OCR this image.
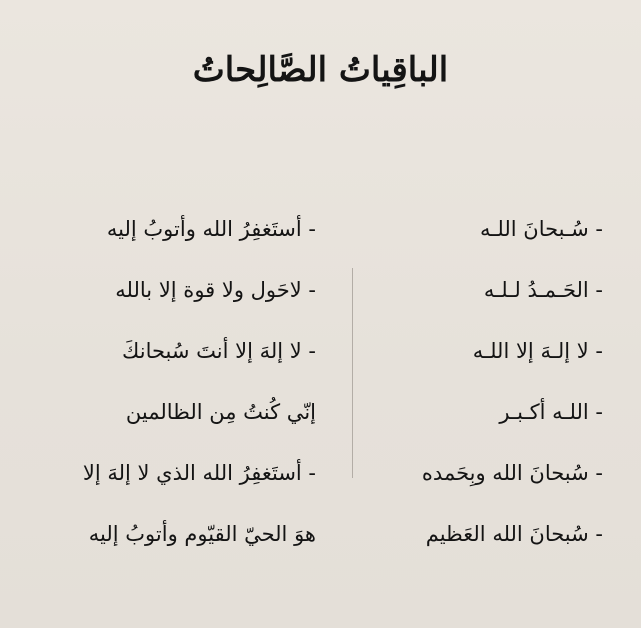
الباقِياتُ الصَّالِحاتُ
- سُـبحانَ اللـه
- الحَـمـدُ لـلـه
- لا إلـهَ إلا اللـه
- اللـه أكـبـر
- سُبحانَ الله وبِحَمده
- سُبحانَ الله العَظيم
- أستَغفِرُ الله وأتوبُ إليه
- لاحَول ولا قوة إلا بالله
- لا إلهَ إلا أنتَ سُبحانكَ
إنّي كُنتُ مِن الظالمين
- أستَغفِرُ الله الذي لا إلهَ إلا
هوَ الحيّ القيّوم وأتوبُ إليه
